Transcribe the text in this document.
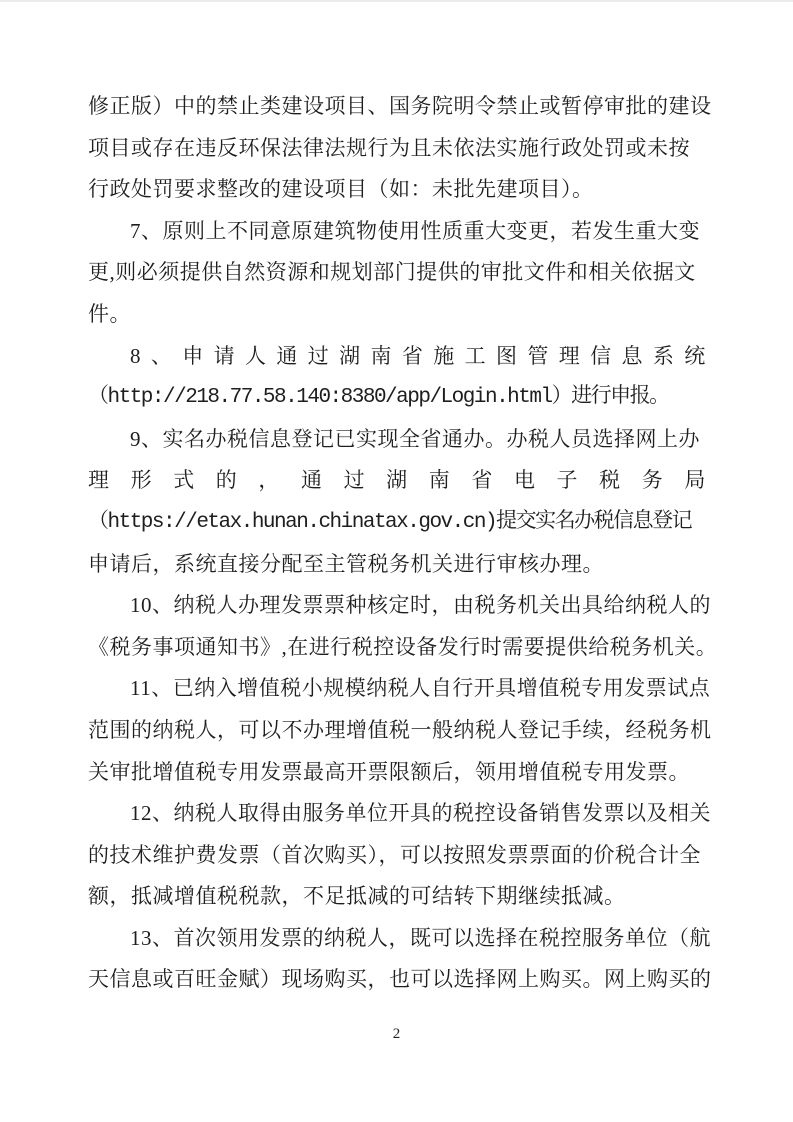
修正版）中的禁止类建设项目、国务院明令禁止或暂停审批的建设
项目或存在违反环保法律法规行为且未依法实施行政处罚或未按
行政处罚要求整改的建设项目（如：未批先建项目）。
7、原则上不同意原建筑物使用性质重大变更，若发生重大变
更,则必须提供自然资源和规划部门提供的审批文件和相关依据文
件。
8 、 申 请 人 通 过 湖 南 省 施 工 图 管 理 信 息 系 统
（http://218.77.58.140:8380/app/Login.html）进行申报。
9、实名办税信息登记已实现全省通办。办税人员选择网上办
理 形 式 的 ， 通 过 湖 南 省 电 子 税 务 局
（https://etax.hunan.chinatax.gov.cn)提交实名办税信息登记
申请后，系统直接分配至主管税务机关进行审核办理。
10、纳税人办理发票票种核定时，由税务机关出具给纳税人的
《税务事项通知书》,在进行税控设备发行时需要提供给税务机关。
11、已纳入增值税小规模纳税人自行开具增值税专用发票试点
范围的纳税人，可以不办理增值税一般纳税人登记手续，经税务机
关审批增值税专用发票最高开票限额后，领用增值税专用发票。
12、纳税人取得由服务单位开具的税控设备销售发票以及相关
的技术维护费发票（首次购买），可以按照发票票面的价税合计全
额，抵减增值税税款，不足抵减的可结转下期继续抵减。
13、首次领用发票的纳税人，既可以选择在税控服务单位（航
天信息或百旺金赋）现场购买，也可以选择网上购买。网上购买的
2
